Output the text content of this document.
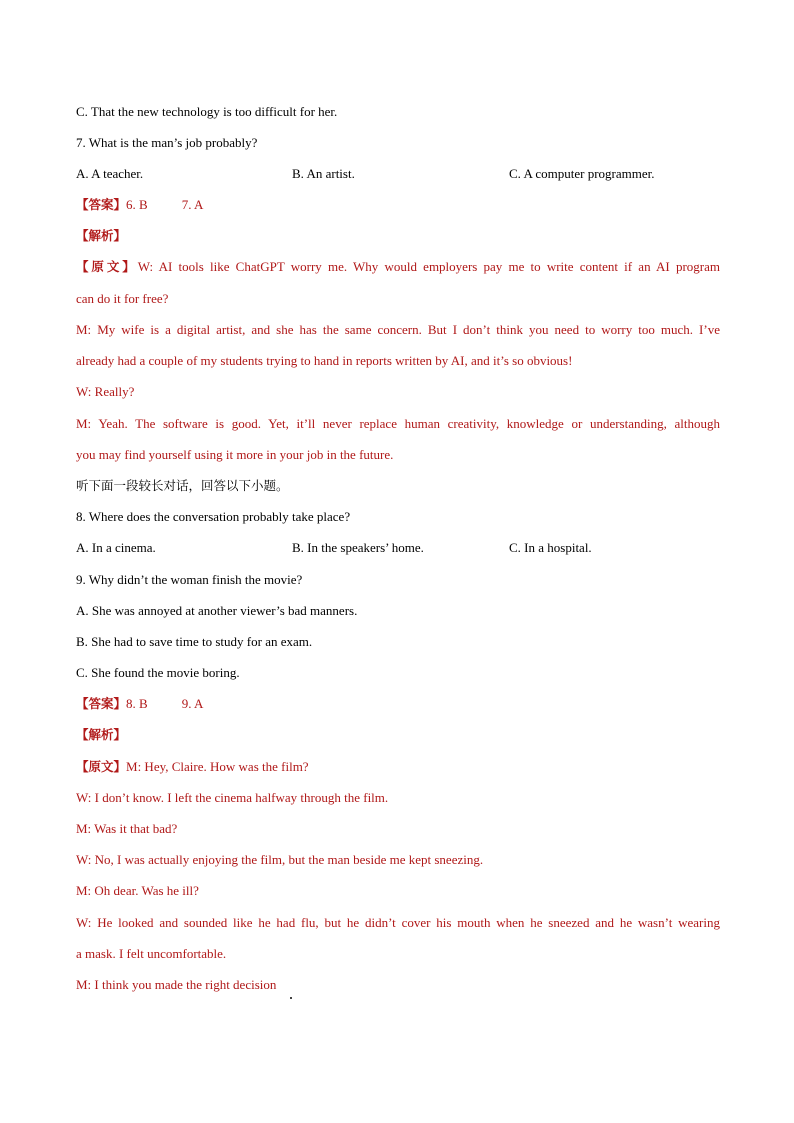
C. That the new technology is too difficult for her.
7. What is the man’s job probably?
A. A teacher.	B. An artist.	C. A computer programmer.
【答案】6. B	7. A
【解析】
【原文】W: AI tools like ChatGPT worry me. Why would employers pay me to write content if an AI program
can do it for free?
M: My wife is a digital artist, and she has the same concern. But I don’t think you need to worry too much. I’ve
already had a couple of my students trying to hand in reports written by AI, and it’s so obvious!
W: Really?
M: Yeah. The software is good. Yet, it’ll never replace human creativity, knowledge or understanding, although
you may find yourself using it more in your job in the future.
听下面一段较长对话，回答以下小题。
8. Where does the conversation probably take place?
A. In a cinema.	B. In the speakers’ home.	C. In a hospital.
9. Why didn’t the woman finish the movie?
A. She was annoyed at another viewer’s bad manners.
B. She had to save time to study for an exam.
C. She found the movie boring.
【答案】8. B	9. A
【解析】
【原文】M: Hey, Claire. How was the film?
W: I don’t know. I left the cinema halfway through the film.
M: Was it that bad?
W: No, I was actually enjoying the film, but the man beside me kept sneezing.
M: Oh dear. Was he ill?
W: He looked and sounded like he had flu, but he didn’t cover his mouth when he sneezed and he wasn’t wearing
a mask. I felt uncomfortable.
M: I think you made the right decision
